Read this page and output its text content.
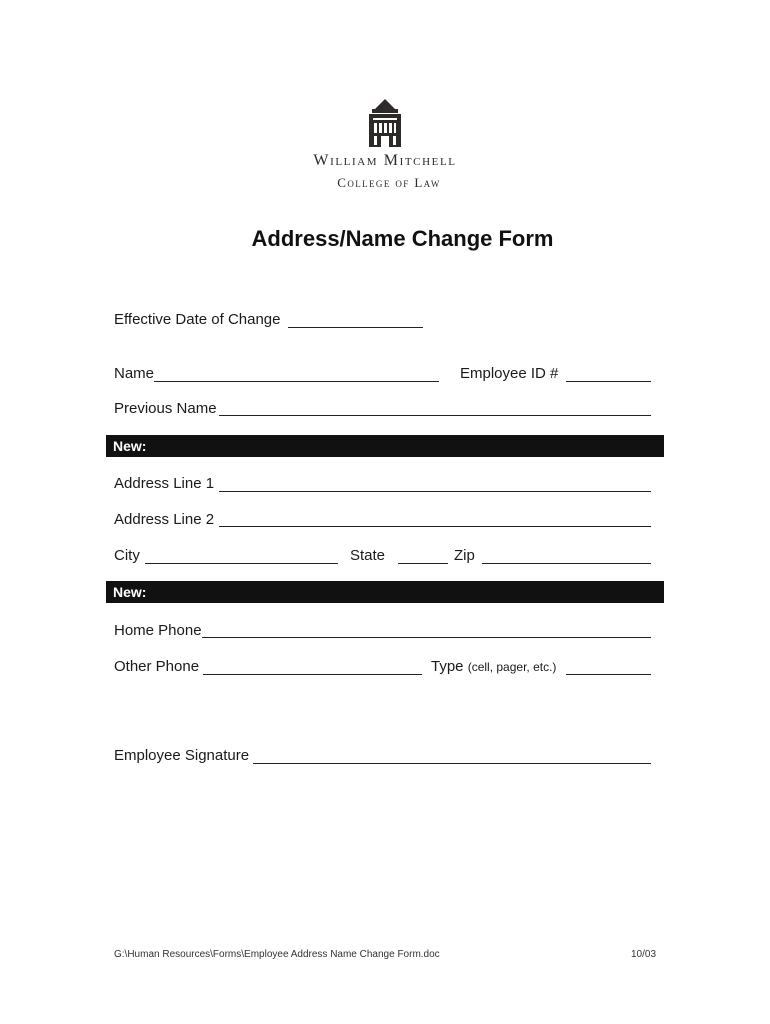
William Mitchell
College of Law
Address/Name Change Form
Effective Date of Change
Name	Employee ID #
Previous Name
New:
Address Line 1
Address Line 2
City	State	Zip
New:
Home Phone
Other Phone	Type (cell, pager, etc.)
Employee Signature
G:\Human Resources\Forms\Employee Address Name Change Form.doc	10/03
